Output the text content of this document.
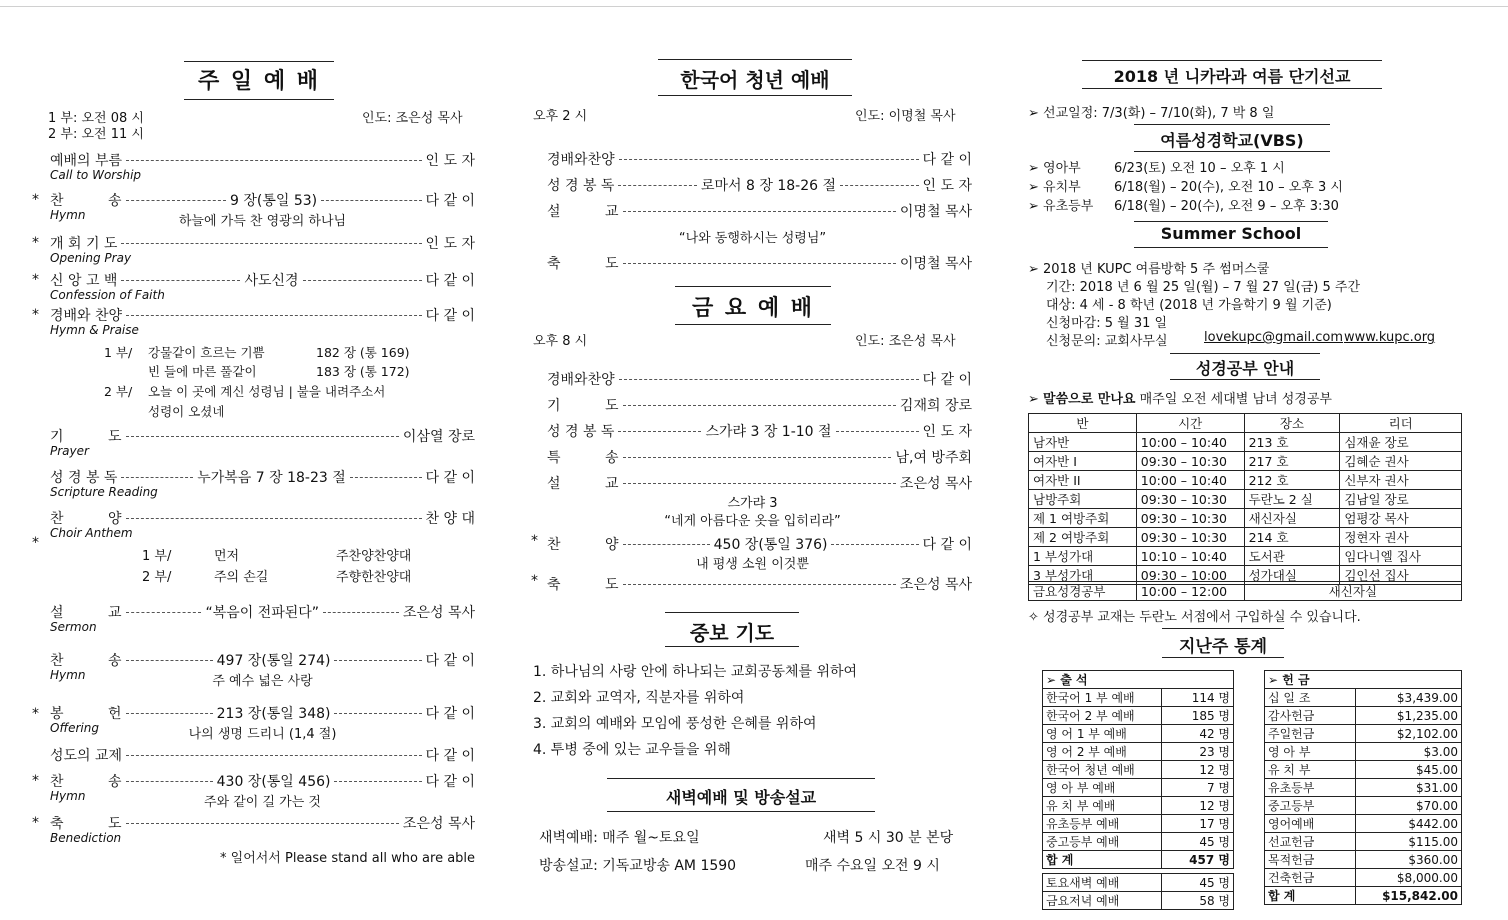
주 일 예 배
1 부: 오전 08 시
2 부: 오전 11 시
인도: 조은성 목사
예배의 부름	인 도 자
Call to Worship
찬          송	9 장(통일 53)	다 같 이
Hymn	하늘에 가득 찬 영광의 하나님
개 회 기 도	인 도 자
Opening Pray
신 앙 고 백	사도신경	다 같 이
Confession of Faith
경배와 찬양	다 같 이
Hymn & Praise
기          도	이삼열 장로
Prayer
성 경 봉 독	누가복음 7 장 18-23 절	다 같 이
Scripture Reading
찬          양	찬 양 대
Choir Anthem
설          교	“복음이 전파된다”	조은성 목사
Sermon
찬          송	497 장(통일 274)	다 같 이
Hymn	주 예수 넓은 사랑
봉          헌	213 장(통일 348)	다 같 이
Offering	나의 생명 드리니 (1,4 절)
성도의 교제	다 같 이
찬          송	430 장(통일 456)	다 같 이
Hymn	주와 같이 길 가는 것
축          도	조은성 목사
Benediction
*
*
*
*
*
*
*
*
1 부/ 강물같이 흐르는 기쁨	182 장 (통 169)
빈 들에 마른 풀같이	183 장 (통 172)
2 부/ 오늘 이 곳에 계신 성령님 | 불을 내려주소서
성령이 오셨네
1 부/	먼저	주찬양찬양대
2 부/	주의 손길	주향한찬양대
* 일어서서 Please stand all who are able
한국어 청년 예배
오후 2 시	인도: 이명철 목사
경배와찬양	다 같 이
성 경 봉 독	로마서 8 장 18-26 절	인 도 자
설          교	이명철 목사
축          도	이명철 목사
“나와 동행하시는 성령님”
금 요 예 배
오후 8 시	인도: 조은성 목사
경배와찬양	다 같 이
기          도	김재희 장로
성 경 봉 독	스가랴 3 장 1-10 절	인 도 자
특          송	남,여 방주회
설          교	조은성 목사
찬          양	450 장(통일 376)	다 같 이
축          도	조은성 목사
스가랴 3
“네게 아름다운 옷을 입히리라”
내 평생 소원 이것뿐
*
*
중보 기도
1. 하나님의 사랑 안에 하나되는 교회공동체를 위하여
2. 교회와 교역자, 직분자를 위하여
3. 교회의 예배와 모임에 풍성한 은혜를 위하여
4. 투병 중에 있는 교우들을 위해
새벽예배 및 방송설교
새벽예배: 매주 월~토요일	새벽 5 시 30 분 본당
방송설교: 기독교방송 AM 1590	매주 수요일 오전 9 시
2018 년 니카라과 여름 단기선교
➢ 선교일정: 7/3(화) – 7/10(화), 7 박 8 일
여름성경학교(VBS)
➢ 영아부	6/23(토) 오전 10 – 오후 1 시
➢ 유치부	6/18(월) – 20(수), 오전 10 – 오후 3 시
➢ 유초등부 6/18(월) – 20(수), 오전 9 – 오후 3:30
Summer School
➢ 2018 년 KUPC 여름방학 5 주 썸머스쿨
기간: 2018 년 6 월 25 일(월) – 7 월 27 일(금) 5 주간
대상: 4 세 - 8 학년 (2018 년 가을학기 9 월 기준)
신청마감: 5 월 31 일
신청문의: 교회사무실	lovekupc@gmail.com www.kupc.org
성경공부 안내
➢ 말씀으로 만나요 매주일 오전 세대별 남녀 성경공부
반	시간	장소	리더
남자반	10:00 – 10:40	213 호	심재윤 장로
여자반 I	09:30 – 10:30	217 호	김혜순 권사
여자반 II	10:00 – 10:40	212 호	신부자 권사
남방주회	09:30 – 10:30	두란노 2 실	김남일 장로
제 1 여방주회	09:30 – 10:30	새신자실	엄평강 목사
제 2 여방주회	09:30 – 10:30	214 호	정현자 권사
1 부성가대	10:10 – 10:40	도서관	임다니엘 집사
3 부성가대	09:30 – 10:00	성가대실	김인선 집사
금요성경공부	10:00 – 12:00	새신자실
✧ 성경공부 교재는 두란노 서점에서 구입하실 수 있습니다.
지난주 통계
➢ 출 석	
한국어 1 부 예배	114 명
한국어 2 부 예배	185 명
영 어 1 부 예배	42 명
영 어 2 부 예배	23 명
한국어 청년 예배	12 명
영 아 부 예배	7 명
유 치 부 예배	12 명
유초등부 예배	17 명
중고등부 예배	45 명
합 계	457 명

토요새벽 예배	45 명
금요저녁 예배	58 명
➢ 헌 금	
십 일 조	$3,439.00
감사헌금	$1,235.00
주일헌금	$2,102.00
영 아 부	$3.00
유 치 부	$45.00
유초등부	$31.00
중고등부	$70.00
영어예배	$442.00
선교헌금	$115.00
목적헌금	$360.00
건축헌금	$8,000.00
합 계	$15,842.00
